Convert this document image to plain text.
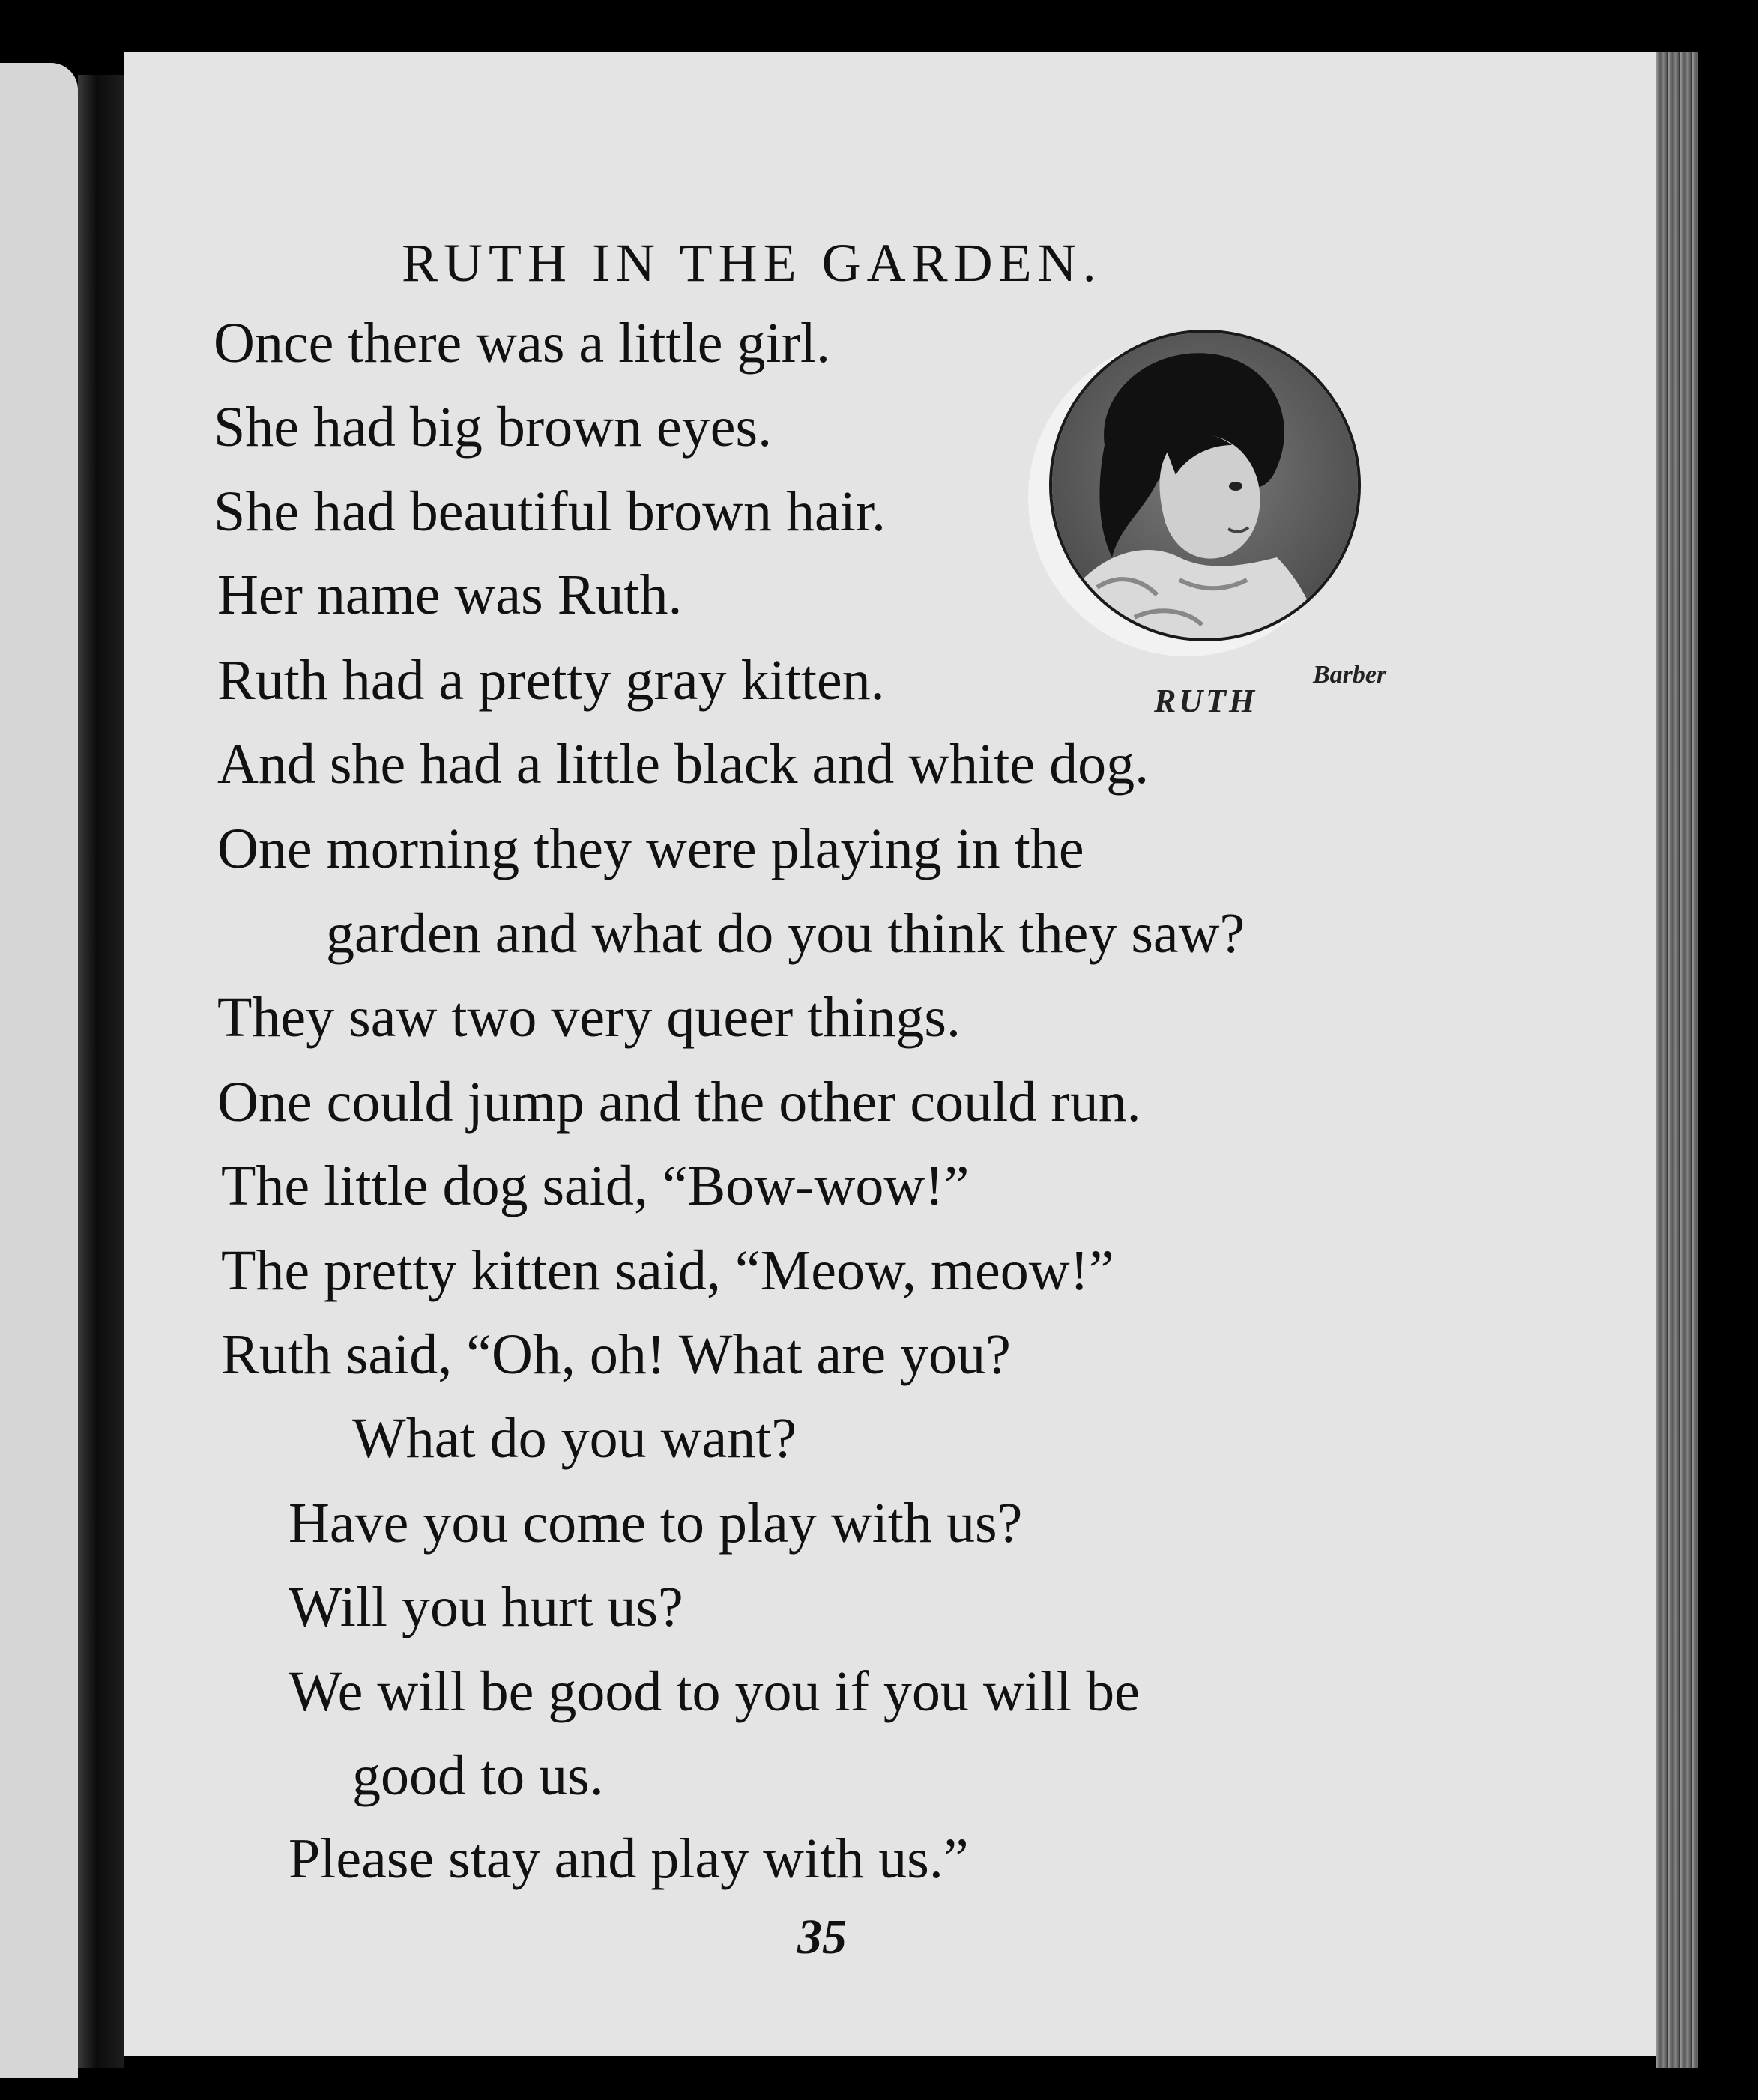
RUTH IN THE GARDEN.
Once there was a little girl.
She had big brown eyes.
She had beautiful brown hair.
Her name was Ruth.
Ruth had a pretty gray kitten.
And she had a little black and white dog.
One morning they were playing in the
garden and what do you think they saw?
They saw two very queer things.
One could jump and the other could run.
The little dog said, “Bow-wow!”
The pretty kitten said, “Meow, meow!”
Ruth said, “Oh, oh! What are you?
What do you want?
Have you come to play with us?
Will you hurt us?
We will be good to you if you will be
good to us.
Please stay and play with us.”
RUTH
Barber
35
